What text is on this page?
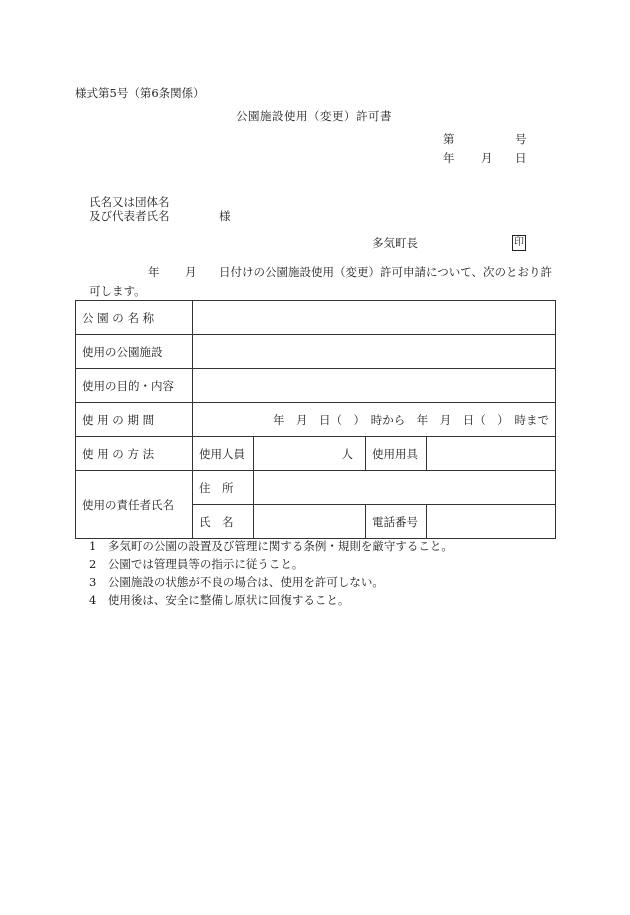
様式第5号（第6条関係）
公園施設使用（変更）許可書
第	号
年 月 日
氏名又は団体名
及び代表者氏名	様
多気町長	印
年 月 日付けの公園施設使用（変更）許可申請について、次のとおり許
可します。
公 園 の 名 称				
使用の公園施設				
使用の目的・内容				
使 用 の 期 間	年　月　日（　）　時から　年　月　日（　）　時まで			
使 用 の 方 法	使用人員	人	使用用具	
使用の責任者氏名	住　所			
	氏　名		電話番号	
1　多気町の公園の設置及び管理に関する条例・規則を厳守すること。
2　公園では管理員等の指示に従うこと。
3　公園施設の状態が不良の場合は、使用を許可しない。
4　使用後は、安全に整備し原状に回復すること。
